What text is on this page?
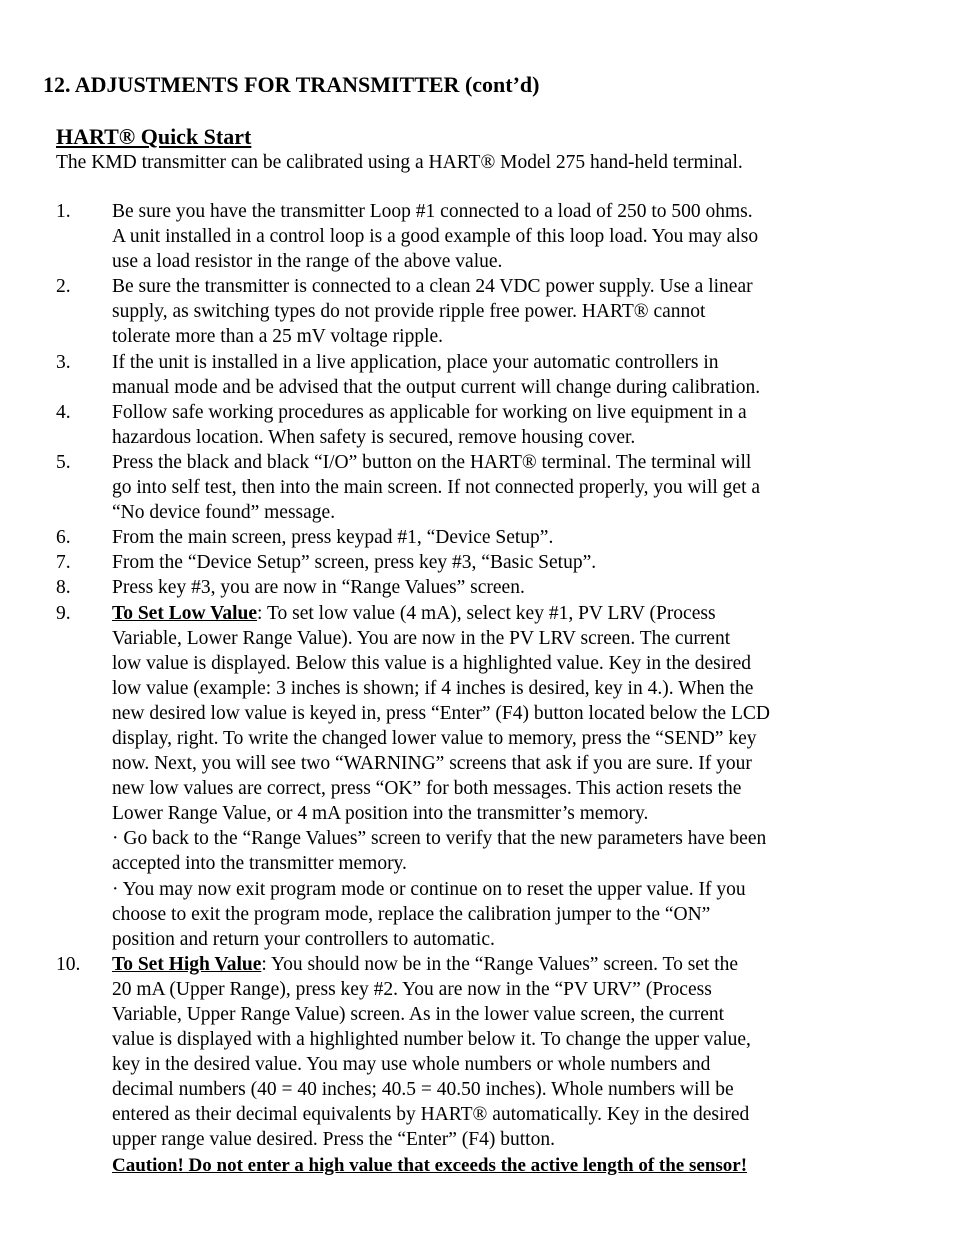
12. ADJUSTMENTS FOR TRANSMITTER (cont’d)
HART® Quick Start
The KMD transmitter can be calibrated using a HART® Model 275 hand-held terminal.
1. Be sure you have the transmitter Loop #1 connected to a load of 250 to 500 ohms.
A unit installed in a control loop is a good example of this loop load. You may also
use a load resistor in the range of the above value.
2. Be sure the transmitter is connected to a clean 24 VDC power supply. Use a linear
supply, as switching types do not provide ripple free power. HART® cannot
tolerate more than a 25 mV voltage ripple.
3. If the unit is installed in a live application, place your automatic controllers in
manual mode and be advised that the output current will change during calibration.
4. Follow safe working procedures as applicable for working on live equipment in a
hazardous location. When safety is secured, remove housing cover.
5. Press the black and black “I/O” button on the HART® terminal. The terminal will
go into self test, then into the main screen. If not connected properly, you will get a
“No device found” message.
6. From the main screen, press keypad #1, “Device Setup”.
7. From the “Device Setup” screen, press key #3, “Basic Setup”.
8. Press key #3, you are now in “Range Values” screen.
9. To Set Low Value: To set low value (4 mA), select key #1, PV LRV (Process
Variable, Lower Range Value). You are now in the PV LRV screen. The current
low value is displayed. Below this value is a highlighted value. Key in the desired
low value (example: 3 inches is shown; if 4 inches is desired, key in 4.). When the
new desired low value is keyed in, press “Enter” (F4) button located below the LCD
display, right. To write the changed lower value to memory, press the “SEND” key
now. Next, you will see two “WARNING” screens that ask if you are sure. If your
new low values are correct, press “OK” for both messages. This action resets the
Lower Range Value, or 4 mA position into the transmitter’s memory.
· Go back to the “Range Values” screen to verify that the new parameters have been
accepted into the transmitter memory.
· You may now exit program mode or continue on to reset the upper value. If you
choose to exit the program mode, replace the calibration jumper to the “ON”
position and return your controllers to automatic.
10. To Set High Value: You should now be in the “Range Values” screen. To set the
20 mA (Upper Range), press key #2. You are now in the “PV URV” (Process
Variable, Upper Range Value) screen. As in the lower value screen, the current
value is displayed with a highlighted number below it. To change the upper value,
key in the desired value. You may use whole numbers or whole numbers and
decimal numbers (40 = 40 inches; 40.5 = 40.50 inches). Whole numbers will be
entered as their decimal equivalents by HART® automatically. Key in the desired
upper range value desired. Press the “Enter” (F4) button.
Caution! Do not enter a high value that exceeds the active length of the sensor!
